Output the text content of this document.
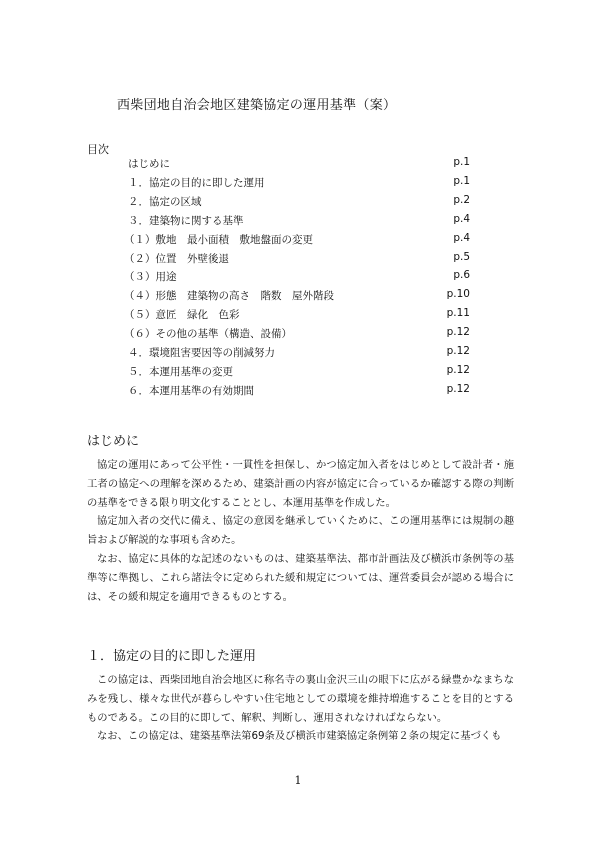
西柴団地自治会地区建築協定の運用基準（案）
目次
はじめに	p.1
１．協定の目的に即した運用	p.1
２．協定の区域	p.2
３．建築物に関する基準	p.4
（１）敷地　最小面積　敷地盤面の変更	p.4
（２）位置　外壁後退	p.5
（３）用途	p.6
（４）形態　建築物の高さ　階数　屋外階段	p.10
（５）意匠　緑化　色彩	p.11
（６）その他の基準（構造、設備）	p.12
４．環境阻害要因等の削減努力	p.12
５．本運用基準の変更	p.12
６．本運用基準の有効期間	p.12
はじめに

協定の運用にあって公平性・一貫性を担保し、かつ協定加入者をはじめとして設計者・施工者の協定への理解を深めるため、建築計画の内容が協定に合っているか確認する際の判断の基準をできる限り明文化することとし、本運用基準を作成した。

協定加入者の交代に備え、協定の意図を継承していくために、この運用基準には規制の趣旨および解説的な事項も含めた。

なお、協定に具体的な記述のないものは、建築基準法、都市計画法及び横浜市条例等の基準等に準拠し、これら諸法令に定められた緩和規定については、運営委員会が認める場合には、その緩和規定を適用できるものとする。

１．協定の目的に即した運用

この協定は、西柴団地自治会地区に称名寺の裏山金沢三山の眼下に広がる緑豊かなまちなみを残し、様々な世代が暮らしやすい住宅地としての環境を維持増進することを目的とするものである。この目的に即して、解釈、判断し、運用されなければならない。

なお、この協定は、建築基準法第69条及び横浜市建築協定条例第２条の規定に基づくも

1
